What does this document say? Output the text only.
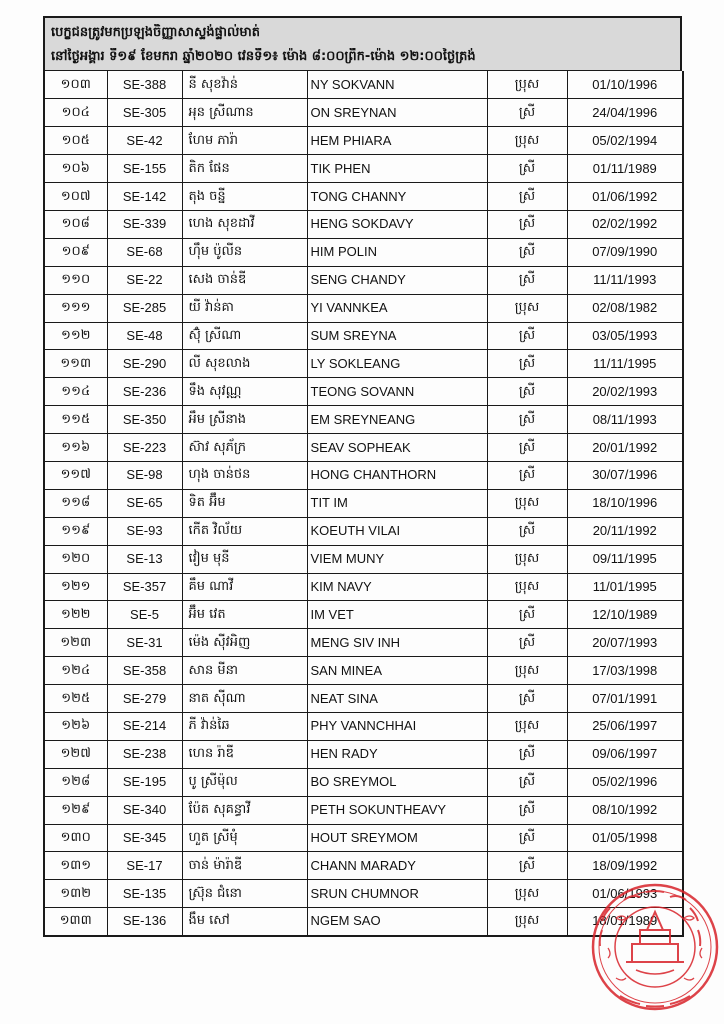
បេក្ខជនត្រូវមកប្រឡងចិញ្ញាសាស្ទង់ផ្ទាល់មាត់
នៅថ្ងៃអង្គារ ទី១៩ ខែមករា ឆ្នាំ២០២០ វេនទី១៖ ម៉ោង ៨:០០ព្រឹក-ម៉ោង ១២:០០ថ្ងៃត្រង់
១០៣	SE-388	នី សុខវ៉ាន់	NY SOKVANN	ប្រុស	01/10/1996
១០៤	SE-305	អុន ស្រីណាន	ON SREYNAN	ស្រី	24/04/1996
១០៥	SE-42	ហែម ភារ៉ា	HEM PHIARA	ប្រុស	05/02/1994
១០៦	SE-155	តិក ផែន	TIK PHEN	ស្រី	01/11/1989
១០៧	SE-142	តុង ចន្នី	TONG CHANNY	ស្រី	01/06/1992
១០៨	SE-339	ហេង សុខដាវី	HENG SOKDAVY	ស្រី	02/02/1992
១០៩	SE-68	ហ៊ឹម ប៉ូលីន	HIM POLIN	ស្រី	07/09/1990
១១០	SE-22	សេង ចាន់ឌី	SENG CHANDY	ស្រី	11/11/1993
១១១	SE-285	យី វ៉ាន់គា	YI VANNKEA	ប្រុស	02/08/1982
១១២	SE-48	ស៊ុំ ស្រីណា	SUM SREYNA	ស្រី	03/05/1993
១១៣	SE-290	លី សុខលាង	LY SOKLEANG	ស្រី	11/11/1995
១១៤	SE-236	ទឹង សុវណ្ណ	TEONG SOVANN	ស្រី	20/02/1993
១១៥	SE-350	អឹម ស្រីនាង	EM SREYNEANG	ស្រី	08/11/1993
១១៦	SE-223	ស៊ាវ សុភ័ក្រ	SEAV SOPHEAK	ស្រី	20/01/1992
១១៧	SE-98	ហុង ចាន់ថន	HONG CHANTHORN	ស្រី	30/07/1996
១១៨	SE-65	ទិត អ៊ឹម	TIT IM	ប្រុស	18/10/1996
១១៩	SE-93	កើត វិល័យ	KOEUTH VILAI	ស្រី	20/11/1992
១២០	SE-13	វៀម មុនី	VIEM MUNY	ប្រុស	09/11/1995
១២១	SE-357	គឹម ណាវី	KIM NAVY	ប្រុស	11/01/1995
១២២	SE-5	អ៊ឹម វេត	IM VET	ស្រី	12/10/1989
១២៣	SE-31	ម៉េង ស៊ីវអិញ	MENG SIV INH	ស្រី	20/07/1993
១២៤	SE-358	សាន មីនា	SAN MINEA	ប្រុស	17/03/1998
១២៥	SE-279	នាត ស៊ីណា	NEAT SINA	ស្រី	07/01/1991
១២៦	SE-214	ភី វ៉ាន់ឆៃ	PHY VANNCHHAI	ប្រុស	25/06/1997
១២៧	SE-238	ហេន រ៉ាឌី	HEN RADY	ស្រី	09/06/1997
១២៨	SE-195	បូ ស្រីម៉ុល	BO SREYMOL	ស្រី	05/02/1996
១២៩	SE-340	ប៉ែត សុគន្ធាវី	PETH SOKUNTHEAVY	ស្រី	08/10/1992
១៣០	SE-345	ហួត ស្រីមុំ	HOUT SREYMOM	ស្រី	01/05/1998
១៣១	SE-17	ចាន់ ម៉ារ៉ាឌី	CHANN MARADY	ស្រី	18/09/1992
១៣២	SE-135	ស្រ៊ុន ជំនោ	SRUN CHUMNOR	ប្រុស	01/06/1993
១៣៣	SE-136	ងឹម សៅ	NGEM SAO	ប្រុស	18/01/1989
